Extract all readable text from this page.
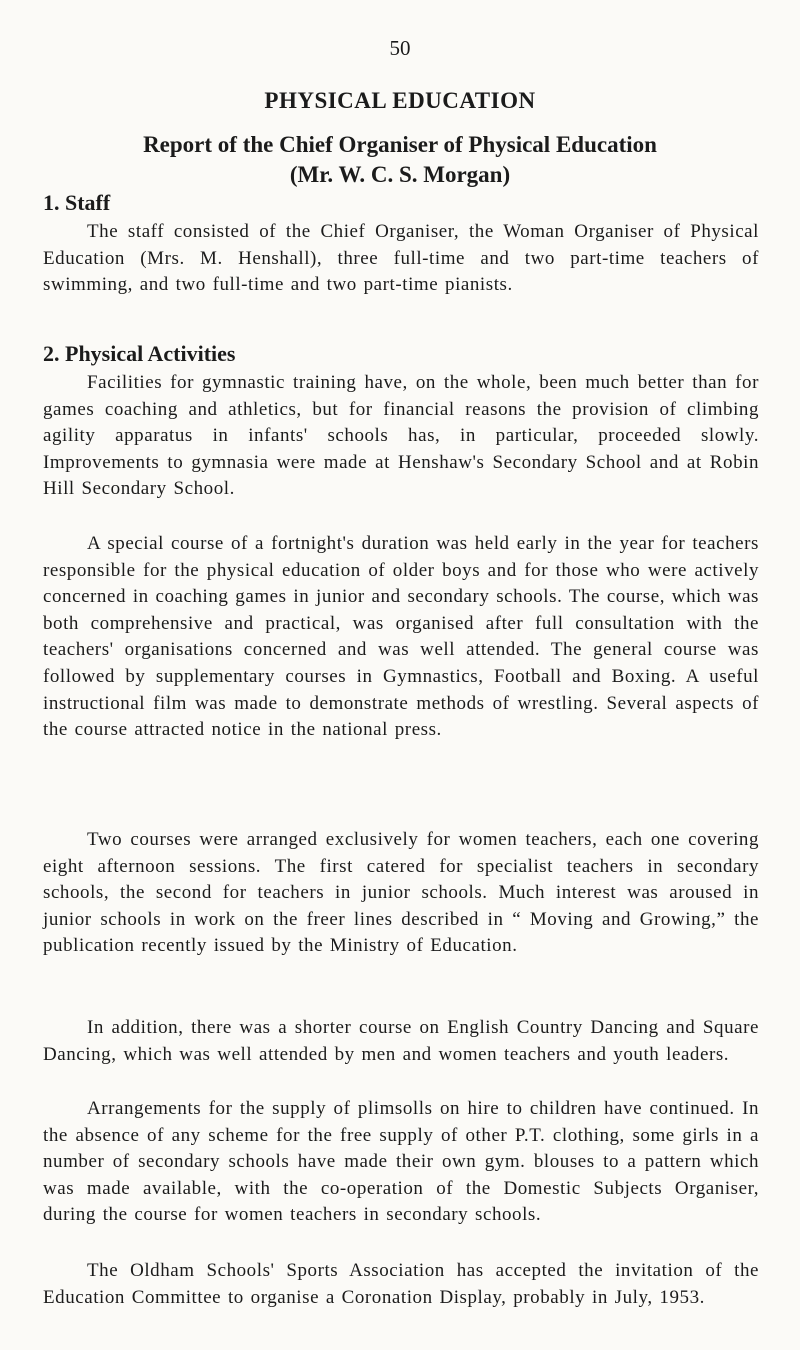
50
PHYSICAL EDUCATION
Report of the Chief Organiser of Physical Education
(Mr. W. C. S. Morgan)
1. Staff

The staff consisted of the Chief Organiser, the Woman Organiser of Physical Education (Mrs. M. Henshall), three full-time and two part-time teachers of swimming, and two full-time and two part-time pianists.

2. Physical Activities

Facilities for gymnastic training have, on the whole, been much better than for games coaching and athletics, but for financial reasons the provision of climbing agility apparatus in infants' schools has, in particular, proceeded slowly. Improvements to gymnasia were made at Henshaw's Secondary School and at Robin Hill Secondary School.

A special course of a fortnight's duration was held early in the year for teachers responsible for the physical education of older boys and for those who were actively concerned in coaching games in junior and secondary schools. The course, which was both comprehensive and practical, was organised after full consultation with the teachers' organisations concerned and was well attended. The general course was followed by supplementary courses in Gymnastics, Football and Boxing. A useful instructional film was made to demonstrate methods of wrestling. Several aspects of the course attracted notice in the national press.

Two courses were arranged exclusively for women teachers, each one covering eight afternoon sessions. The first catered for specialist teachers in secondary schools, the second for teachers in junior schools. Much interest was aroused in junior schools in work on the freer lines described in “ Moving and Growing,” the publication recently issued by the Ministry of Education.

In addition, there was a shorter course on English Country Dancing and Square Dancing, which was well attended by men and women teachers and youth leaders.

Arrangements for the supply of plimsolls on hire to children have continued. In the absence of any scheme for the free supply of other P.T. clothing, some girls in a number of secondary schools have made their own gym. blouses to a pattern which was made available, with the co-operation of the Domestic Subjects Organiser, during the course for women teachers in secondary schools.

The Oldham Schools' Sports Association has accepted the invitation of the Education Committee to organise a Coronation Display, probably in July, 1953.
